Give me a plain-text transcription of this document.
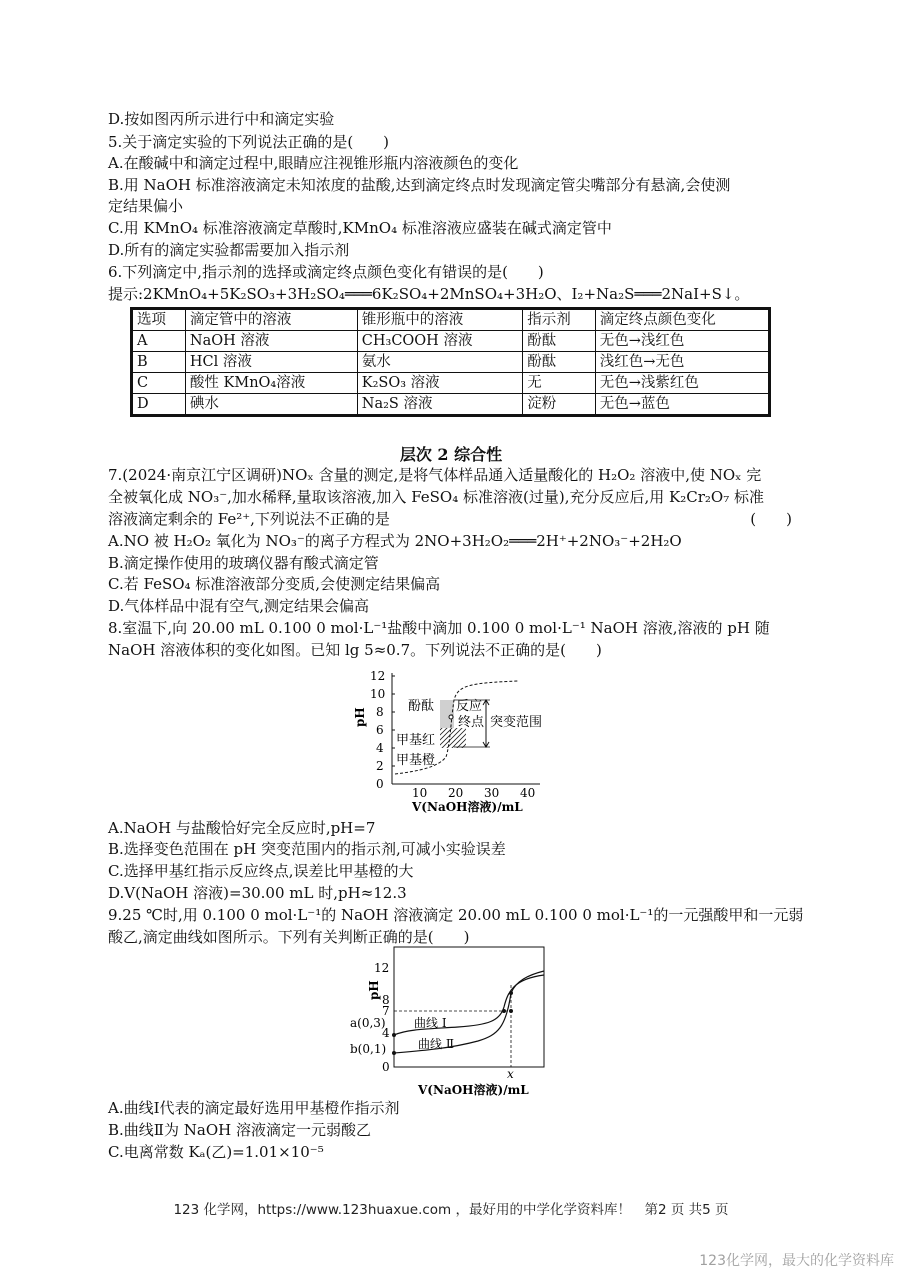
D.按如图丙所示进行中和滴定实验
5.关于滴定实验的下列说法正确的是(　　)
A.在酸碱中和滴定过程中,眼睛应注视锥形瓶内溶液颜色的变化
B.用 NaOH 标准溶液滴定未知浓度的盐酸,达到滴定终点时发现滴定管尖嘴部分有悬滴,会使测
定结果偏小
C.用 KMnO₄ 标准溶液滴定草酸时,KMnO₄ 标准溶液应盛装在碱式滴定管中
D.所有的滴定实验都需要加入指示剂
6.下列滴定中,指示剂的选择或滴定终点颜色变化有错误的是(　　)
提示:2KMnO₄+5K₂SO₃+3H₂SO₄═══6K₂SO₄+2MnSO₄+3H₂O、I₂+Na₂S═══2NaI+S↓。
选项	滴定管中的溶液	锥形瓶中的溶液	指示剂	滴定终点颜色变化
A	NaOH 溶液	CH₃COOH 溶液	酚酞	无色→浅红色
B	HCl 溶液	氨水	酚酞	浅红色→无色
C	酸性 KMnO₄溶液	K₂SO₃ 溶液	无	无色→浅紫红色
D	碘水	Na₂S 溶液	淀粉	无色→蓝色
层次 2 综合性
7.(2024·南京江宁区调研)NOₓ 含量的测定,是将气体样品通入适量酸化的 H₂O₂ 溶液中,使 NOₓ 完
全被氧化成 NO₃⁻,加水稀释,量取该溶液,加入 FeSO₄ 标准溶液(过量),充分反应后,用 K₂Cr₂O₇ 标准
溶液滴定剩余的 Fe²⁺,下列说法不正确的是	(　　)
A.NO 被 H₂O₂ 氧化为 NO₃⁻的离子方程式为 2NO+3H₂O₂═══2H⁺+2NO₃⁻+2H₂O
B.滴定操作使用的玻璃仪器有酸式滴定管
C.若 FeSO₄ 标准溶液部分变质,会使测定结果偏高
D.气体样品中混有空气,测定结果会偏高
8.室温下,向 20.00 mL 0.100 0 mol·L⁻¹盐酸中滴加 0.100 0 mol·L⁻¹ NaOH 溶液,溶液的 pH 随
NaOH 溶液体积的变化如图。已知 lg 5≈0.7。下列说法不正确的是(　　)
0
2
4
6
8
10
12
10 20 30 40
pH
V(NaOH溶液)/mL
酚酞 反应
终点 突变范围
甲基红
甲基橙
A.NaOH 与盐酸恰好完全反应时,pH=7
B.选择变色范围在 pH 突变范围内的指示剂,可减小实验误差
C.选择甲基红指示反应终点,误差比甲基橙的大
D.V(NaOH 溶液)=30.00 mL 时,pH≈12.3
9.25 ℃时,用 0.100 0 mol·L⁻¹的 NaOH 溶液滴定 20.00 mL 0.100 0 mol·L⁻¹的一元强酸甲和一元弱
酸乙,滴定曲线如图所示。下列有关判断正确的是(　　)
0
4
7
8
12
a(0,3)
b(0,1)
x
曲线 Ⅰ
曲线 Ⅱ
pH
V(NaOH溶液)/mL
A.曲线Ⅰ代表的滴定最好选用甲基橙作指示剂
B.曲线Ⅱ为 NaOH 溶液滴定一元弱酸乙
C.电离常数 Kₐ(乙)=1.01×10⁻⁵
123 化学网，https://www.123huaxue.com ，最好用的中学化学资料库！　第2 页 共5 页
123化学网，最大的化学资料库
